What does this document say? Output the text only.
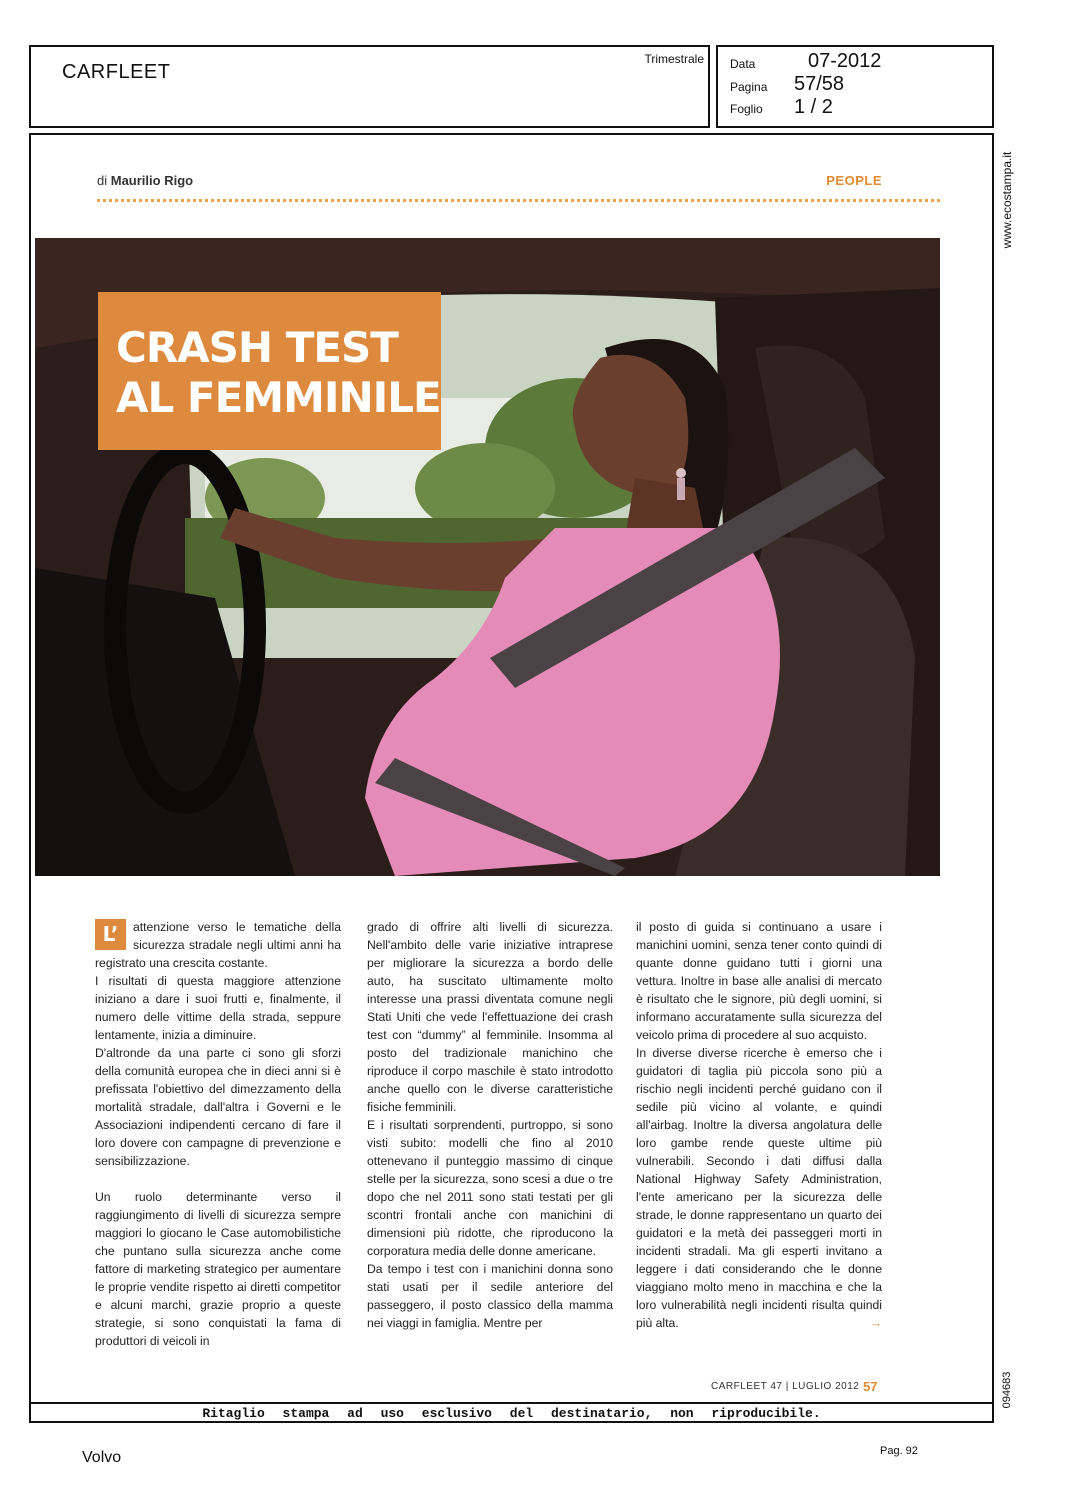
CARFLEET
Trimestrale Data	07-2012
Pagina 57/58
Foglio 1 / 2
www.ecostampa.it
094683
di Maurilio Rigo	PEOPLE
CRASH TEST
AL FEMMINILE
L’	attenzione verso le tematiche della sicurezza stradale negli ultimi anni ha registrato una crescita costante.

I risultati di questa maggiore attenzione iniziano a dare i suoi frutti e, finalmente, il numero delle vittime della strada, seppure lentamente, inizia a diminuire.

D'altronde da una parte ci sono gli sforzi della comunità europea che in dieci anni si è prefissata l'obiettivo del dimezzamento della mortalità stradale, dall'altra i Governi e le Associazioni indipendenti cercano di fare il loro dovere con campagne di prevenzione e sensibilizzazione.

Un ruolo determinante verso il raggiungimento di livelli di sicurezza sempre maggiori lo giocano le Case automobilistiche che puntano sulla sicurezza anche come fattore di marketing strategico per aumentare le proprie vendite rispetto ai diretti competitor e alcuni marchi, grazie proprio a queste strategie, si sono conquistati la fama di produttori di veicoli in

grado di offrire alti livelli di sicurezza. Nell'ambito delle varie iniziative intraprese per migliorare la sicurezza a bordo delle auto, ha suscitato ultimamente molto interesse una prassi diventata comune negli Stati Uniti che vede l'effettuazione dei crash test con “dummy” al femminile. Insomma al posto del tradizionale manichino che riproduce il corpo maschile è stato introdotto anche quello con le diverse caratteristiche fisiche femminili.

E i risultati sorprendenti, purtroppo, si sono visti subito: modelli che fino al 2010 ottenevano il punteggio massimo di cinque stelle per la sicurezza, sono scesi a due o tre dopo che nel 2011 sono stati testati per gli scontri frontali anche con manichini di dimensioni più ridotte, che riproducono la corporatura media delle donne americane.

Da tempo i test con i manichini donna sono stati usati per il sedile anteriore del passeggero, il posto classico della mamma nei viaggi in famiglia. Mentre per

il posto di guida si continuano a usare i manichini uomini, senza tener conto quindi di quante donne guidano tutti i giorni una vettura. Inoltre in base alle analisi di mercato è risultato che le signore, più degli uomini, si informano accuratamente sulla sicurezza del veicolo prima di procedere al suo acquisto.

In diverse diverse ricerche è emerso che i guidatori di taglia più piccola sono più a rischio negli incidenti perché guidano con il sedile più vicino al volante, e quindi all'airbag. Inoltre la diversa angolatura delle loro gambe rende queste ultime più vulnerabili. Secondo i dati diffusi dalla National Highway Safety Administration, l'ente americano per la sicurezza delle strade, le donne rappresentano un quarto dei guidatori e la metà dei passeggeri morti in incidenti stradali. Ma gli esperti invitano a leggere i dati considerando che le donne viaggiano molto meno in macchina e che la loro vulnerabilità negli incidenti risulta quindi più alta.	→

CARFLEET 47 | LUGLIO 2012 57
Ritaglio stampa ad uso esclusivo del destinatario, non riproducibile.
Volvo	Pag. 92
